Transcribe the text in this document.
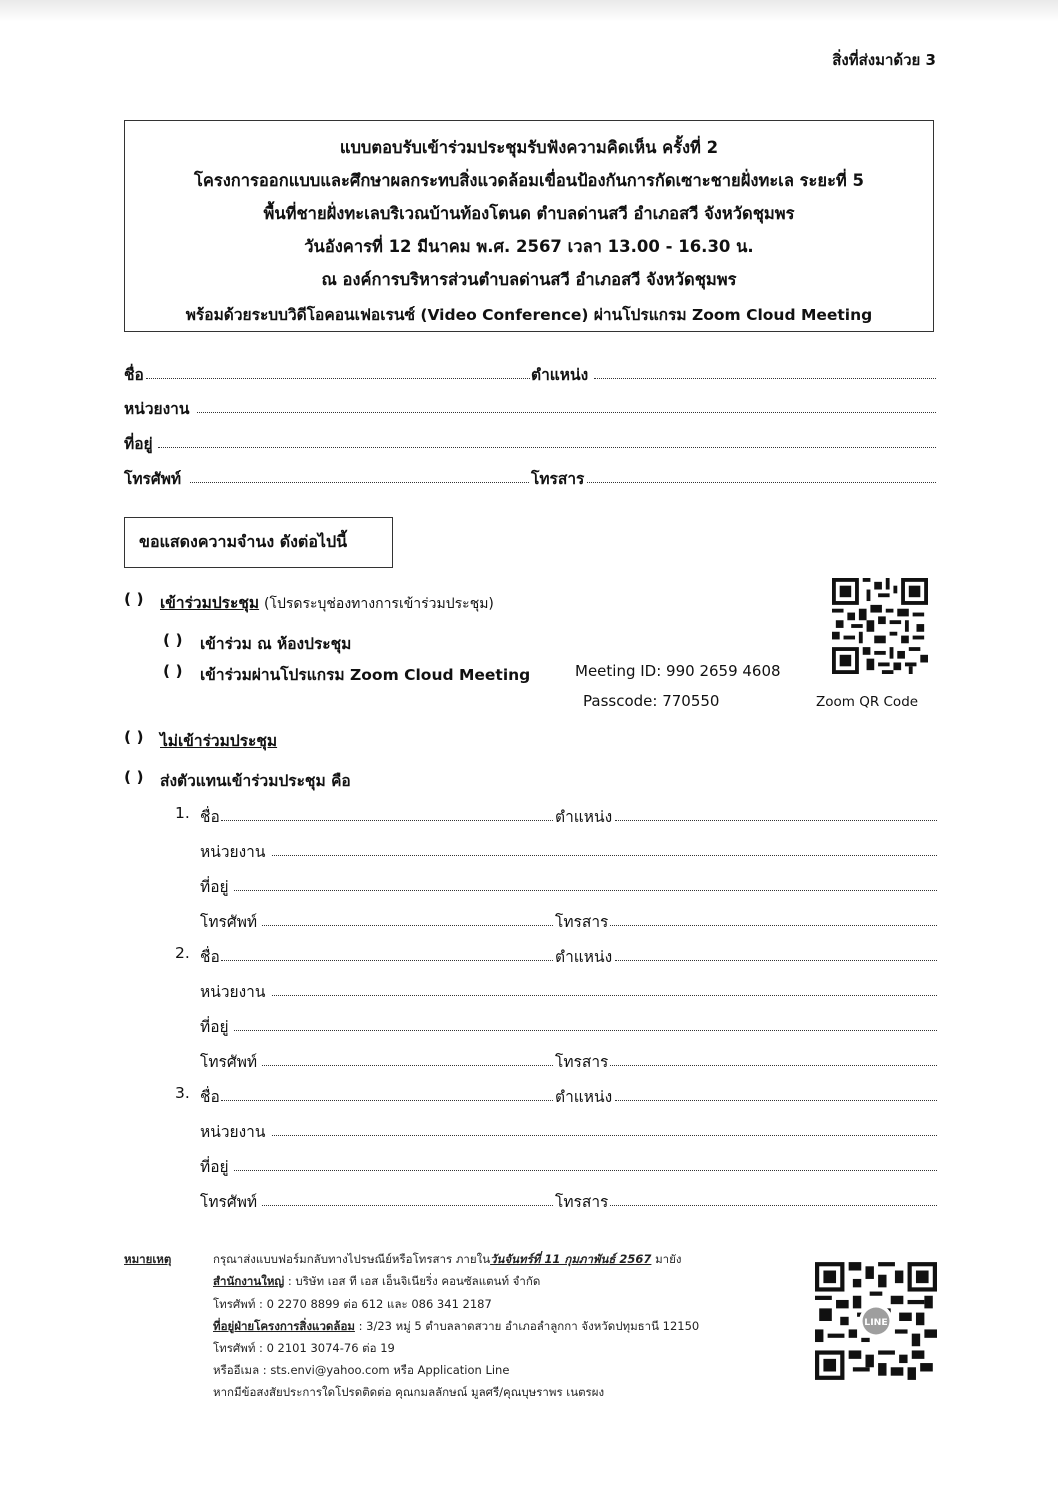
สิ่งที่ส่งมาด้วย 3
แบบตอบรับเข้าร่วมประชุมรับฟังความคิดเห็น ครั้งที่ 2
โครงการออกแบบและศึกษาผลกระทบสิ่งแวดล้อมเขื่อนป้องกันการกัดเซาะชายฝั่งทะเล ระยะที่ 5
พื้นที่ชายฝั่งทะเลบริเวณบ้านท้องโตนด ตำบลด่านสวี อำเภอสวี จังหวัดชุมพร
วันอังคารที่ 12 มีนาคม พ.ศ. 2567 เวลา 13.00 - 16.30 น.
ณ องค์การบริหารส่วนตำบลด่านสวี อำเภอสวี จังหวัดชุมพร
พร้อมด้วยระบบวิดีโอคอนเฟอเรนซ์ (Video Conference) ผ่านโปรแกรม Zoom Cloud Meeting
ชื่อ	ตำแหน่ง
หน่วยงาน
ที่อยู่
โทรศัพท์	โทรสาร
ขอแสดงความจำนง ดังต่อไปนี้
( ) เข้าร่วมประชุม (โปรดระบุช่องทางการเข้าร่วมประชุม)
( ) เข้าร่วม ณ ห้องประชุม
( ) เข้าร่วมผ่านโปรแกรม Zoom Cloud Meeting	Meeting ID: 990 2659 4608
Passcode: 770550	Zoom QR Code
( ) ไม่เข้าร่วมประชุม
( ) ส่งตัวแทนเข้าร่วมประชุม คือ
1. ชื่อ	ตำแหน่ง
หน่วยงาน
ที่อยู่
โทรศัพท์	โทรสาร
2. ชื่อ	ตำแหน่ง
หน่วยงาน
ที่อยู่
โทรศัพท์	โทรสาร
3. ชื่อ	ตำแหน่ง
หน่วยงาน
ที่อยู่
โทรศัพท์	โทรสาร
หมายเหตุ	กรุณาส่งแบบฟอร์มกลับทางไปรษณีย์หรือโทรสาร ภายในวันจันทร์ที่ 11 กุมภาพันธ์ 2567 มายัง
สำนักงานใหญ่ : บริษัท เอส ที เอส เอ็นจิเนียริ่ง คอนซัลแตนท์ จำกัด
โทรศัพท์ : 0 2270 8899 ต่อ 612 และ 086 341 2187
ที่อยู่ฝ่ายโครงการสิ่งแวดล้อม : 3/23 หมู่ 5 ตำบลลาดสวาย อำเภอลำลูกกา จังหวัดปทุมธานี 12150
โทรศัพท์ : 0 2101 3074-76 ต่อ 19
หรืออีเมล : sts.envi@yahoo.com หรือ Application Line
หากมีข้อสงสัยประการใดโปรดติดต่อ คุณกมลลักษณ์ มูลศรี/คุณบุษราพร เนตรผง
LINE
